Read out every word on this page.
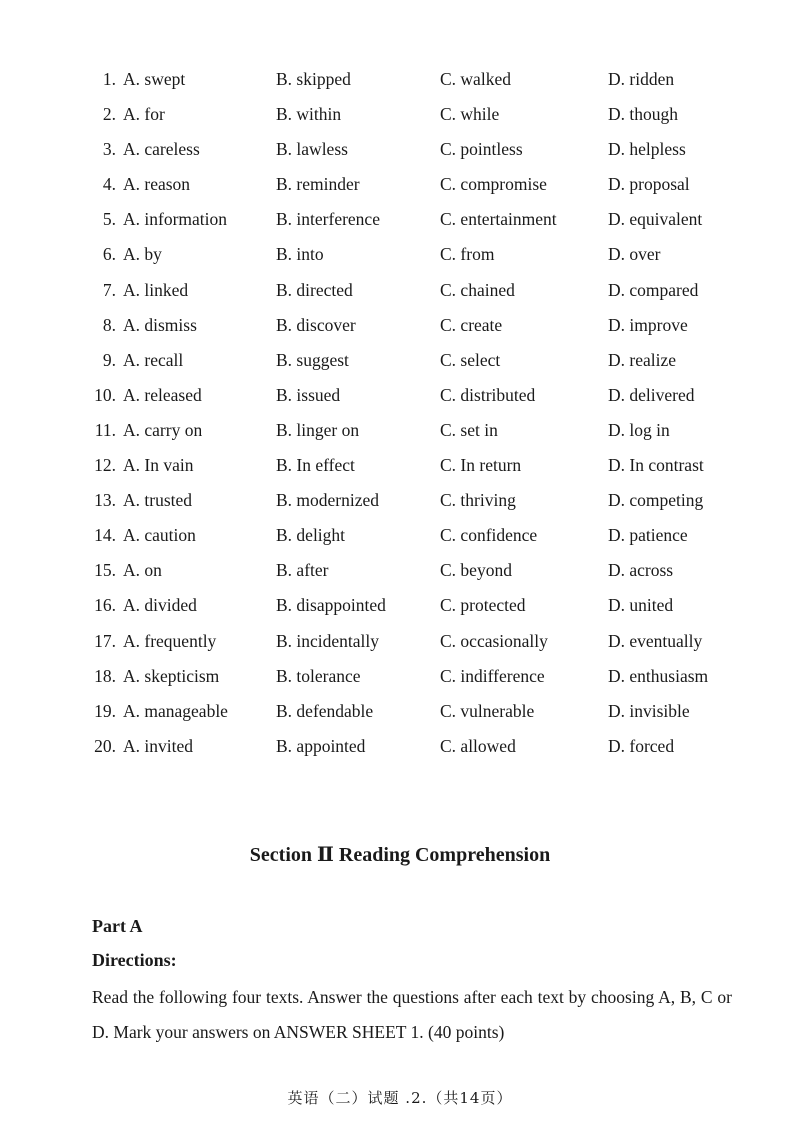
1. A. swept	B. skipped	C. walked	D. ridden
2. A. for	B. within	C. while	D. though
3. A. careless	B. lawless	C. pointless	D. helpless
4. A. reason	B. reminder	C. compromise	D. proposal
5. A. information	B. interference	C. entertainment	D. equivalent
6. A. by	B. into	C. from	D. over
7. A. linked	B. directed	C. chained	D. compared
8. A. dismiss	B. discover	C. create	D. improve
9. A. recall	B. suggest	C. select	D. realize
10. A. released	B. issued	C. distributed	D. delivered
11. A. carry on	B. linger on	C. set in	D. log in
12. A. In vain	B. In effect	C. In return	D. In contrast
13. A. trusted	B. modernized	C. thriving	D. competing
14. A. caution	B. delight	C. confidence	D. patience
15. A. on	B. after	C. beyond	D. across
16. A. divided	B. disappointed	C. protected	D. united
17. A. frequently	B. incidentally	C. occasionally	D. eventually
18. A. skepticism	B. tolerance	C. indifference	D. enthusiasm
19. A. manageable	B. defendable	C. vulnerable	D. invisible
20. A. invited	B. appointed	C. allowed	D. forced
Section Ⅱ Reading Comprehension
Part A
Directions:
Read the following four texts. Answer the questions after each text by choosing A, B, C or D. Mark your answers on ANSWER SHEET 1. (40 points)
英语（二）试题 .2.（共14页）
